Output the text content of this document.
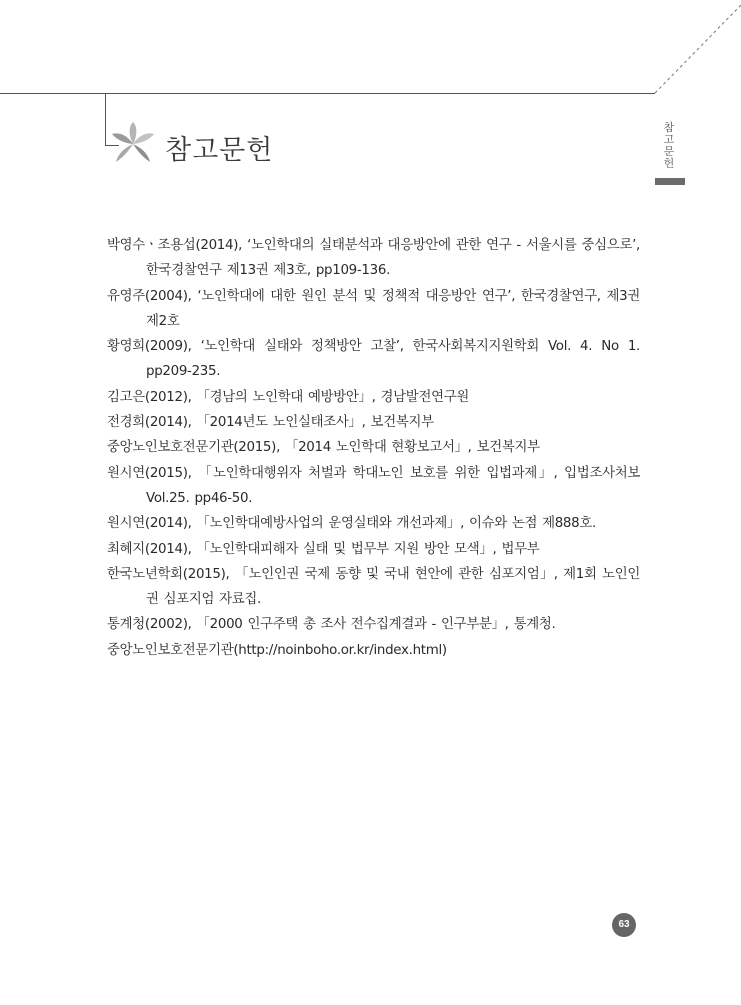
참고문헌
참
고
문
헌
박영수ㆍ조용섭(2014), ‘노인학대의 실태분석과 대응방안에 관한 연구 - 서울시를 중심으로’, 한국경찰연구 제13권 제3호, pp109-136.
유영주(2004), ‘노인학대에 대한 원인 분석 및 정책적 대응방안 연구’, 한국경찰연구, 제3권 제2호
황영희(2009), ‘노인학대 실태와 정책방안 고찰’, 한국사회복지지원학회 Vol. 4. No 1. pp209-235.
김고은(2012), 「경남의 노인학대 예방방안」, 경남발전연구원
전경희(2014), 「2014년도 노인실태조사」, 보건복지부
중앙노인보호전문기관(2015), 「2014 노인학대 현황보고서」, 보건복지부
원시연(2015), 「노인학대행위자 처벌과 학대노인 보호를 위한 입법과제」, 입법조사처보 Vol.25. pp46-50.
원시연(2014), 「노인학대예방사업의 운영실태와 개선과제」, 이슈와 논점 제888호.
최혜지(2014), 「노인학대피해자 실태 및 법무부 지원 방안 모색」, 법무부
한국노년학회(2015), 「노인인권 국제 동향 및 국내 현안에 관한 심포지엄」, 제1회 노인인권 심포지엄 자료집.
통계청(2002), 「2000 인구주택 총 조사 전수집계결과 - 인구부분」, 통계청.
중앙노인보호전문기관(http://noinboho.or.kr/index.html)
63
